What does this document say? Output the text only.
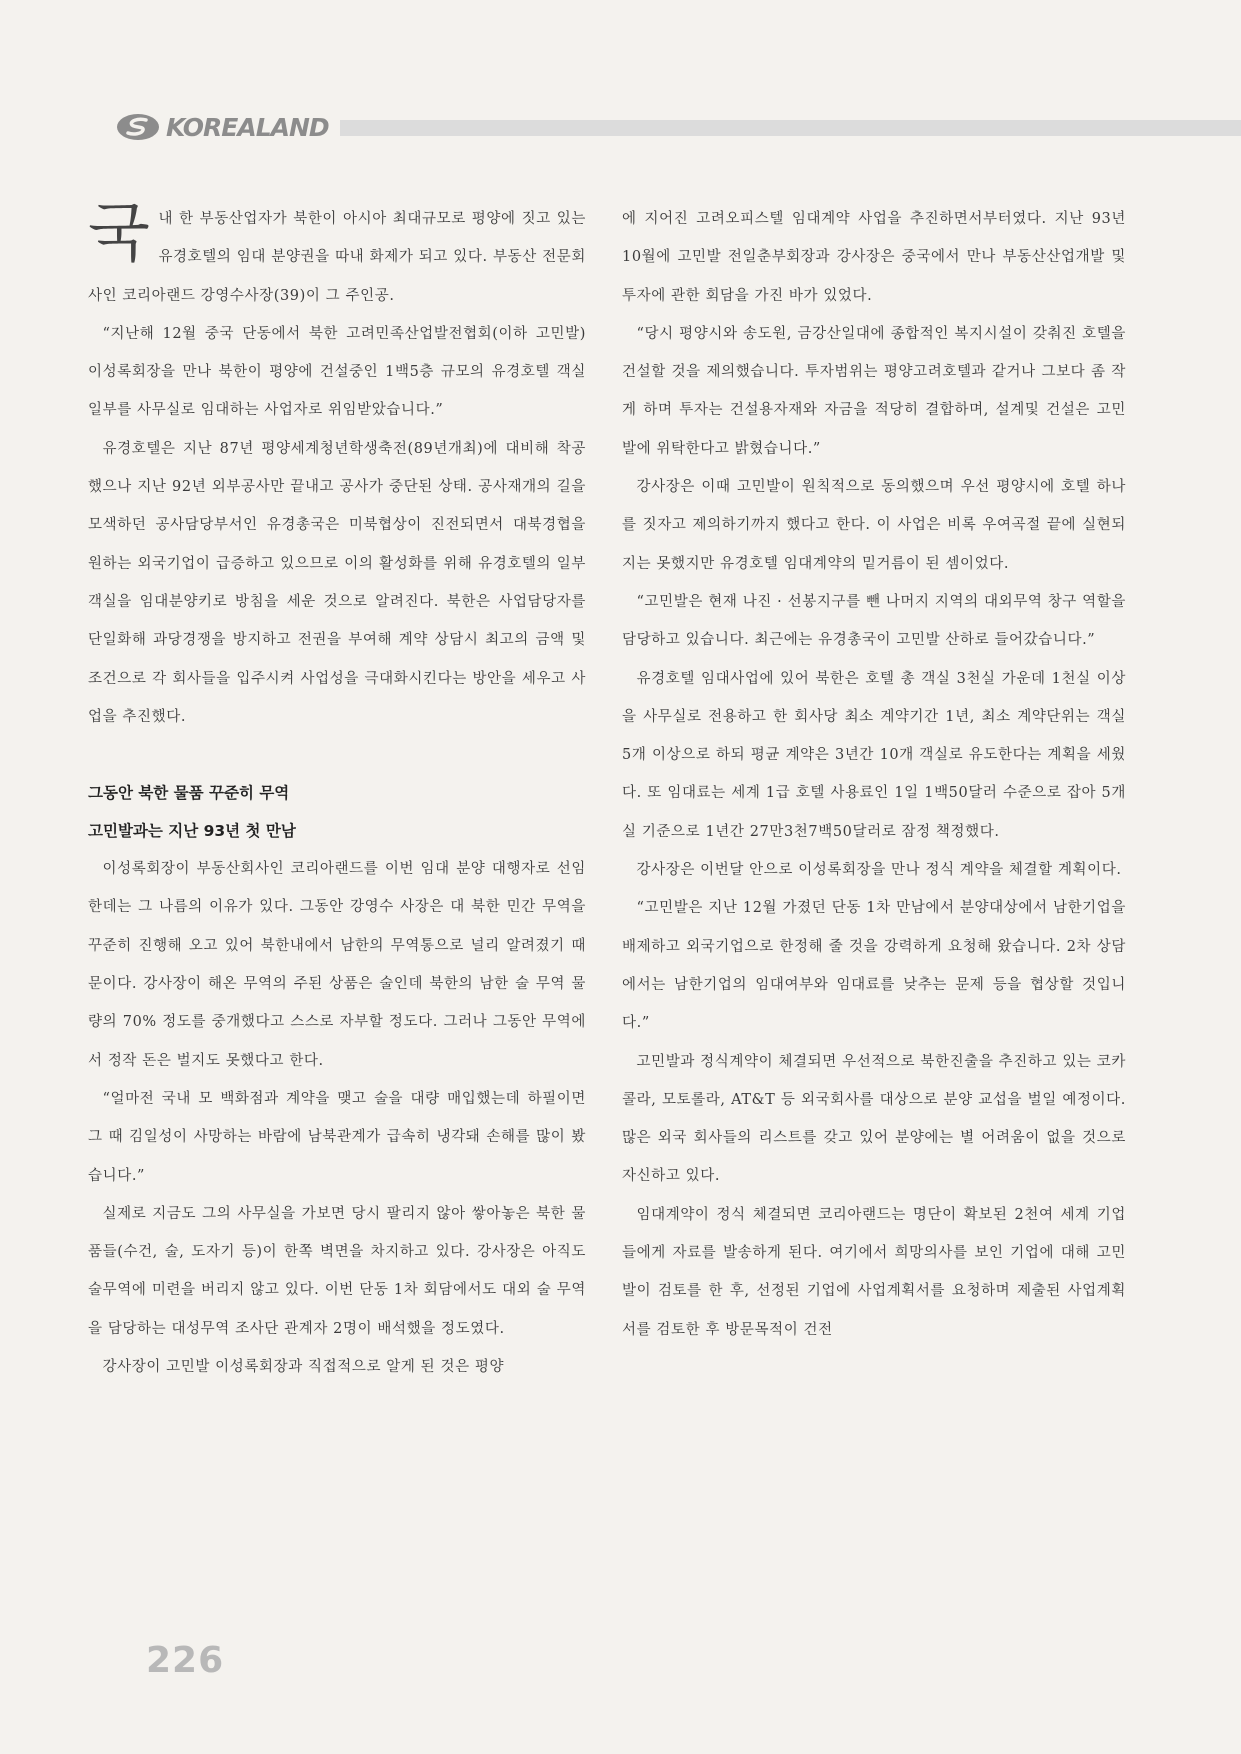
KOREALAND

국내 한 부동산업자가 북한이 아시아 최대규모로 평양에 짓고 있는 유경호텔의 임대 분양권을 따내 화제가 되고 있다. 부동산 전문회사인 코리아랜드 강영수사장(39)이 그 주인공.

“지난해 12월 중국 단동에서 북한 고려민족산업발전협회(이하 고민발) 이성록회장을 만나 북한이 평양에 건설중인 1백5층 규모의 유경호텔 객실 일부를 사무실로 임대하는 사업자로 위임받았습니다.”

유경호텔은 지난 87년 평양세계청년학생축전(89년개최)에 대비해 착공했으나 지난 92년 외부공사만 끝내고 공사가 중단된 상태. 공사재개의 길을 모색하던 공사담당부서인 유경총국은 미북협상이 진전되면서 대북경협을 원하는 외국기업이 급증하고 있으므로 이의 활성화를 위해 유경호텔의 일부객실을 임대분양키로 방침을 세운 것으로 알려진다. 북한은 사업담당자를 단일화해 과당경쟁을 방지하고 전권을 부여해 계약 상담시 최고의 금액 및 조건으로 각 회사들을 입주시켜 사업성을 극대화시킨다는 방안을 세우고 사업을 추진했다.

그동안 북한 물품 꾸준히 무역
고민발과는 지난 93년 첫 만남

이성록회장이 부동산회사인 코리아랜드를 이번 임대 분양 대행자로 선임한데는 그 나름의 이유가 있다. 그동안 강영수 사장은 대 북한 민간 무역을 꾸준히 진행해 오고 있어 북한내에서 남한의 무역통으로 널리 알려졌기 때문이다. 강사장이 해온 무역의 주된 상품은 술인데 북한의 남한 술 무역 물량의 70% 정도를 중개했다고 스스로 자부할 정도다. 그러나 그동안 무역에서 정작 돈은 벌지도 못했다고 한다.

“얼마전 국내 모 백화점과 계약을 맺고 술을 대량 매입했는데 하필이면 그 때 김일성이 사망하는 바람에 남북관계가 급속히 냉각돼 손해를 많이 봤습니다.”

실제로 지금도 그의 사무실을 가보면 당시 팔리지 않아 쌓아놓은 북한 물품들(수건, 술, 도자기 등)이 한쪽 벽면을 차지하고 있다. 강사장은 아직도 술무역에 미련을 버리지 않고 있다. 이번 단동 1차 회담에서도 대외 술 무역을 담당하는 대성무역 조사단 관계자 2명이 배석했을 정도였다.

강사장이 고민발 이성록회장과 직접적으로 알게 된 것은 평양

에 지어진 고려오피스텔 임대계약 사업을 추진하면서부터였다. 지난 93년 10월에 고민발 전일춘부회장과 강사장은 중국에서 만나 부동산산업개발 및 투자에 관한 회담을 가진 바가 있었다.

“당시 평양시와 송도원, 금강산일대에 종합적인 복지시설이 갖춰진 호텔을 건설할 것을 제의했습니다. 투자범위는 평양고려호텔과 같거나 그보다 좀 작게 하며 투자는 건설용자재와 자금을 적당히 결합하며, 설계및 건설은 고민발에 위탁한다고 밝혔습니다.”

강사장은 이때 고민발이 원칙적으로 동의했으며 우선 평양시에 호텔 하나를 짓자고 제의하기까지 했다고 한다. 이 사업은 비록 우여곡절 끝에 실현되지는 못했지만 유경호텔 임대계약의 밑거름이 된 셈이었다.

“고민발은 현재 나진 · 선봉지구를 뺀 나머지 지역의 대외무역 창구 역할을 담당하고 있습니다. 최근에는 유경총국이 고민발 산하로 들어갔습니다.”

유경호텔 임대사업에 있어 북한은 호텔 총 객실 3천실 가운데 1천실 이상을 사무실로 전용하고 한 회사당 최소 계약기간 1년, 최소 계약단위는 객실 5개 이상으로 하되 평균 계약은 3년간 10개 객실로 유도한다는 계획을 세웠다. 또 임대료는 세계 1급 호텔 사용료인 1일 1백50달러 수준으로 잡아 5개실 기준으로 1년간 27만3천7백50달러로 잠정 책정했다.

강사장은 이번달 안으로 이성록회장을 만나 정식 계약을 체결할 계획이다.

“고민발은 지난 12월 가졌던 단동 1차 만남에서 분양대상에서 남한기업을 배제하고 외국기업으로 한정해 줄 것을 강력하게 요청해 왔습니다. 2차 상담에서는 남한기업의 임대여부와 임대료를 낮추는 문제 등을 협상할 것입니다.”

고민발과 정식계약이 체결되면 우선적으로 북한진출을 추진하고 있는 코카콜라, 모토롤라, AT&T 등 외국회사를 대상으로 분양 교섭을 벌일 예정이다. 많은 외국 회사들의 리스트를 갖고 있어 분양에는 별 어려움이 없을 것으로 자신하고 있다.

임대계약이 정식 체결되면 코리아랜드는 명단이 확보된 2천여 세계 기업들에게 자료를 발송하게 된다. 여기에서 희망의사를 보인 기업에 대해 고민발이 검토를 한 후, 선정된 기업에 사업계획서를 요청하며 제출된 사업계획서를 검토한 후 방문목적이 건전

226
